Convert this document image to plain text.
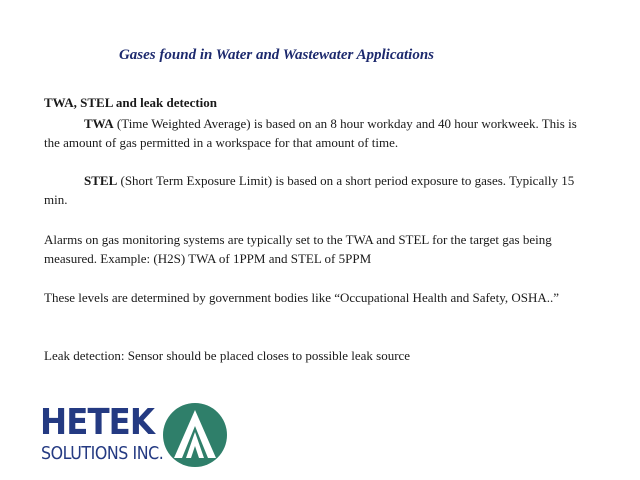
Gases found in Water and Wastewater Applications
TWA, STEL and leak detection

TWA (Time Weighted Average) is based on an 8 hour workday and 40 hour workweek. This is the amount of gas permitted in a workspace for that amount of time.

STEL (Short Term Exposure Limit) is based on a short period exposure to gases. Typically 15 min.

Alarms on gas monitoring systems are typically set to the TWA and STEL for the target gas being measured. Example: (H2S) TWA of 1PPM and STEL of 5PPM

These levels are determined by government bodies like “Occupational Health and Safety, OSHA..”

Leak detection: Sensor should be placed closes to possible leak source

HETEK
SOLUTIONS INC.
